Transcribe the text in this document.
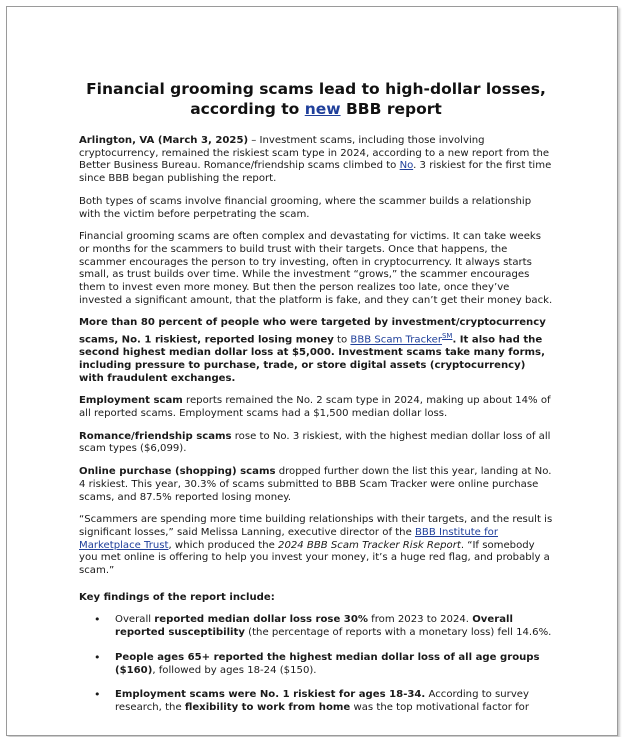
Financial grooming scams lead to high-dollar losses,
according to new BBB report

Arlington, VA (March 3, 2025) – Investment scams, including those involving cryptocurrency, remained the riskiest scam type in 2024, according to a new report from the Better Business Bureau. Romance/friendship scams climbed to No. 3 riskiest for the first time since BBB began publishing the report.

Both types of scams involve financial grooming, where the scammer builds a relationship with the victim before perpetrating the scam.

Financial grooming scams are often complex and devastating for victims. It can take weeks or months for the scammers to build trust with their targets. Once that happens, the scammer encourages the person to try investing, often in cryptocurrency. It always starts small, as trust builds over time. While the investment “grows,” the scammer encourages them to invest even more money. But then the person realizes too late, once they’ve invested a significant amount, that the platform is fake, and they can’t get their money back.

More than 80 percent of people who were targeted by investment/cryptocurrency scams, No. 1 riskiest, reported losing money to BBB Scam Tracker℠. It also had the second highest median dollar loss at $5,000. Investment scams take many forms, including pressure to purchase, trade, or store digital assets (cryptocurrency) with fraudulent exchanges.

Employment scam reports remained the No. 2 scam type in 2024, making up about 14% of all reported scams. Employment scams had a $1,500 median dollar loss.

Romance/friendship scams rose to No. 3 riskiest, with the highest median dollar loss of all scam types ($6,099).

Online purchase (shopping) scams dropped further down the list this year, landing at No. 4 riskiest. This year, 30.3% of scams submitted to BBB Scam Tracker were online purchase scams, and 87.5% reported losing money.

“Scammers are spending more time building relationships with their targets, and the result is significant losses,” said Melissa Lanning, executive director of the BBB Institute for Marketplace Trust, which produced the 2024 BBB Scam Tracker Risk Report. “If somebody you met online is offering to help you invest your money, it’s a huge red flag, and probably a scam.”

Key findings of the report include:
• Overall reported median dollar loss rose 30% from 2023 to 2024. Overall reported susceptibility (the percentage of reports with a monetary loss) fell 14.6%.
• People ages 65+ reported the highest median dollar loss of all age groups ($160), followed by ages 18-24 ($150).
• Employment scams were No. 1 riskiest for ages 18-34. According to survey research, the flexibility to work from home was the top motivational factor for
